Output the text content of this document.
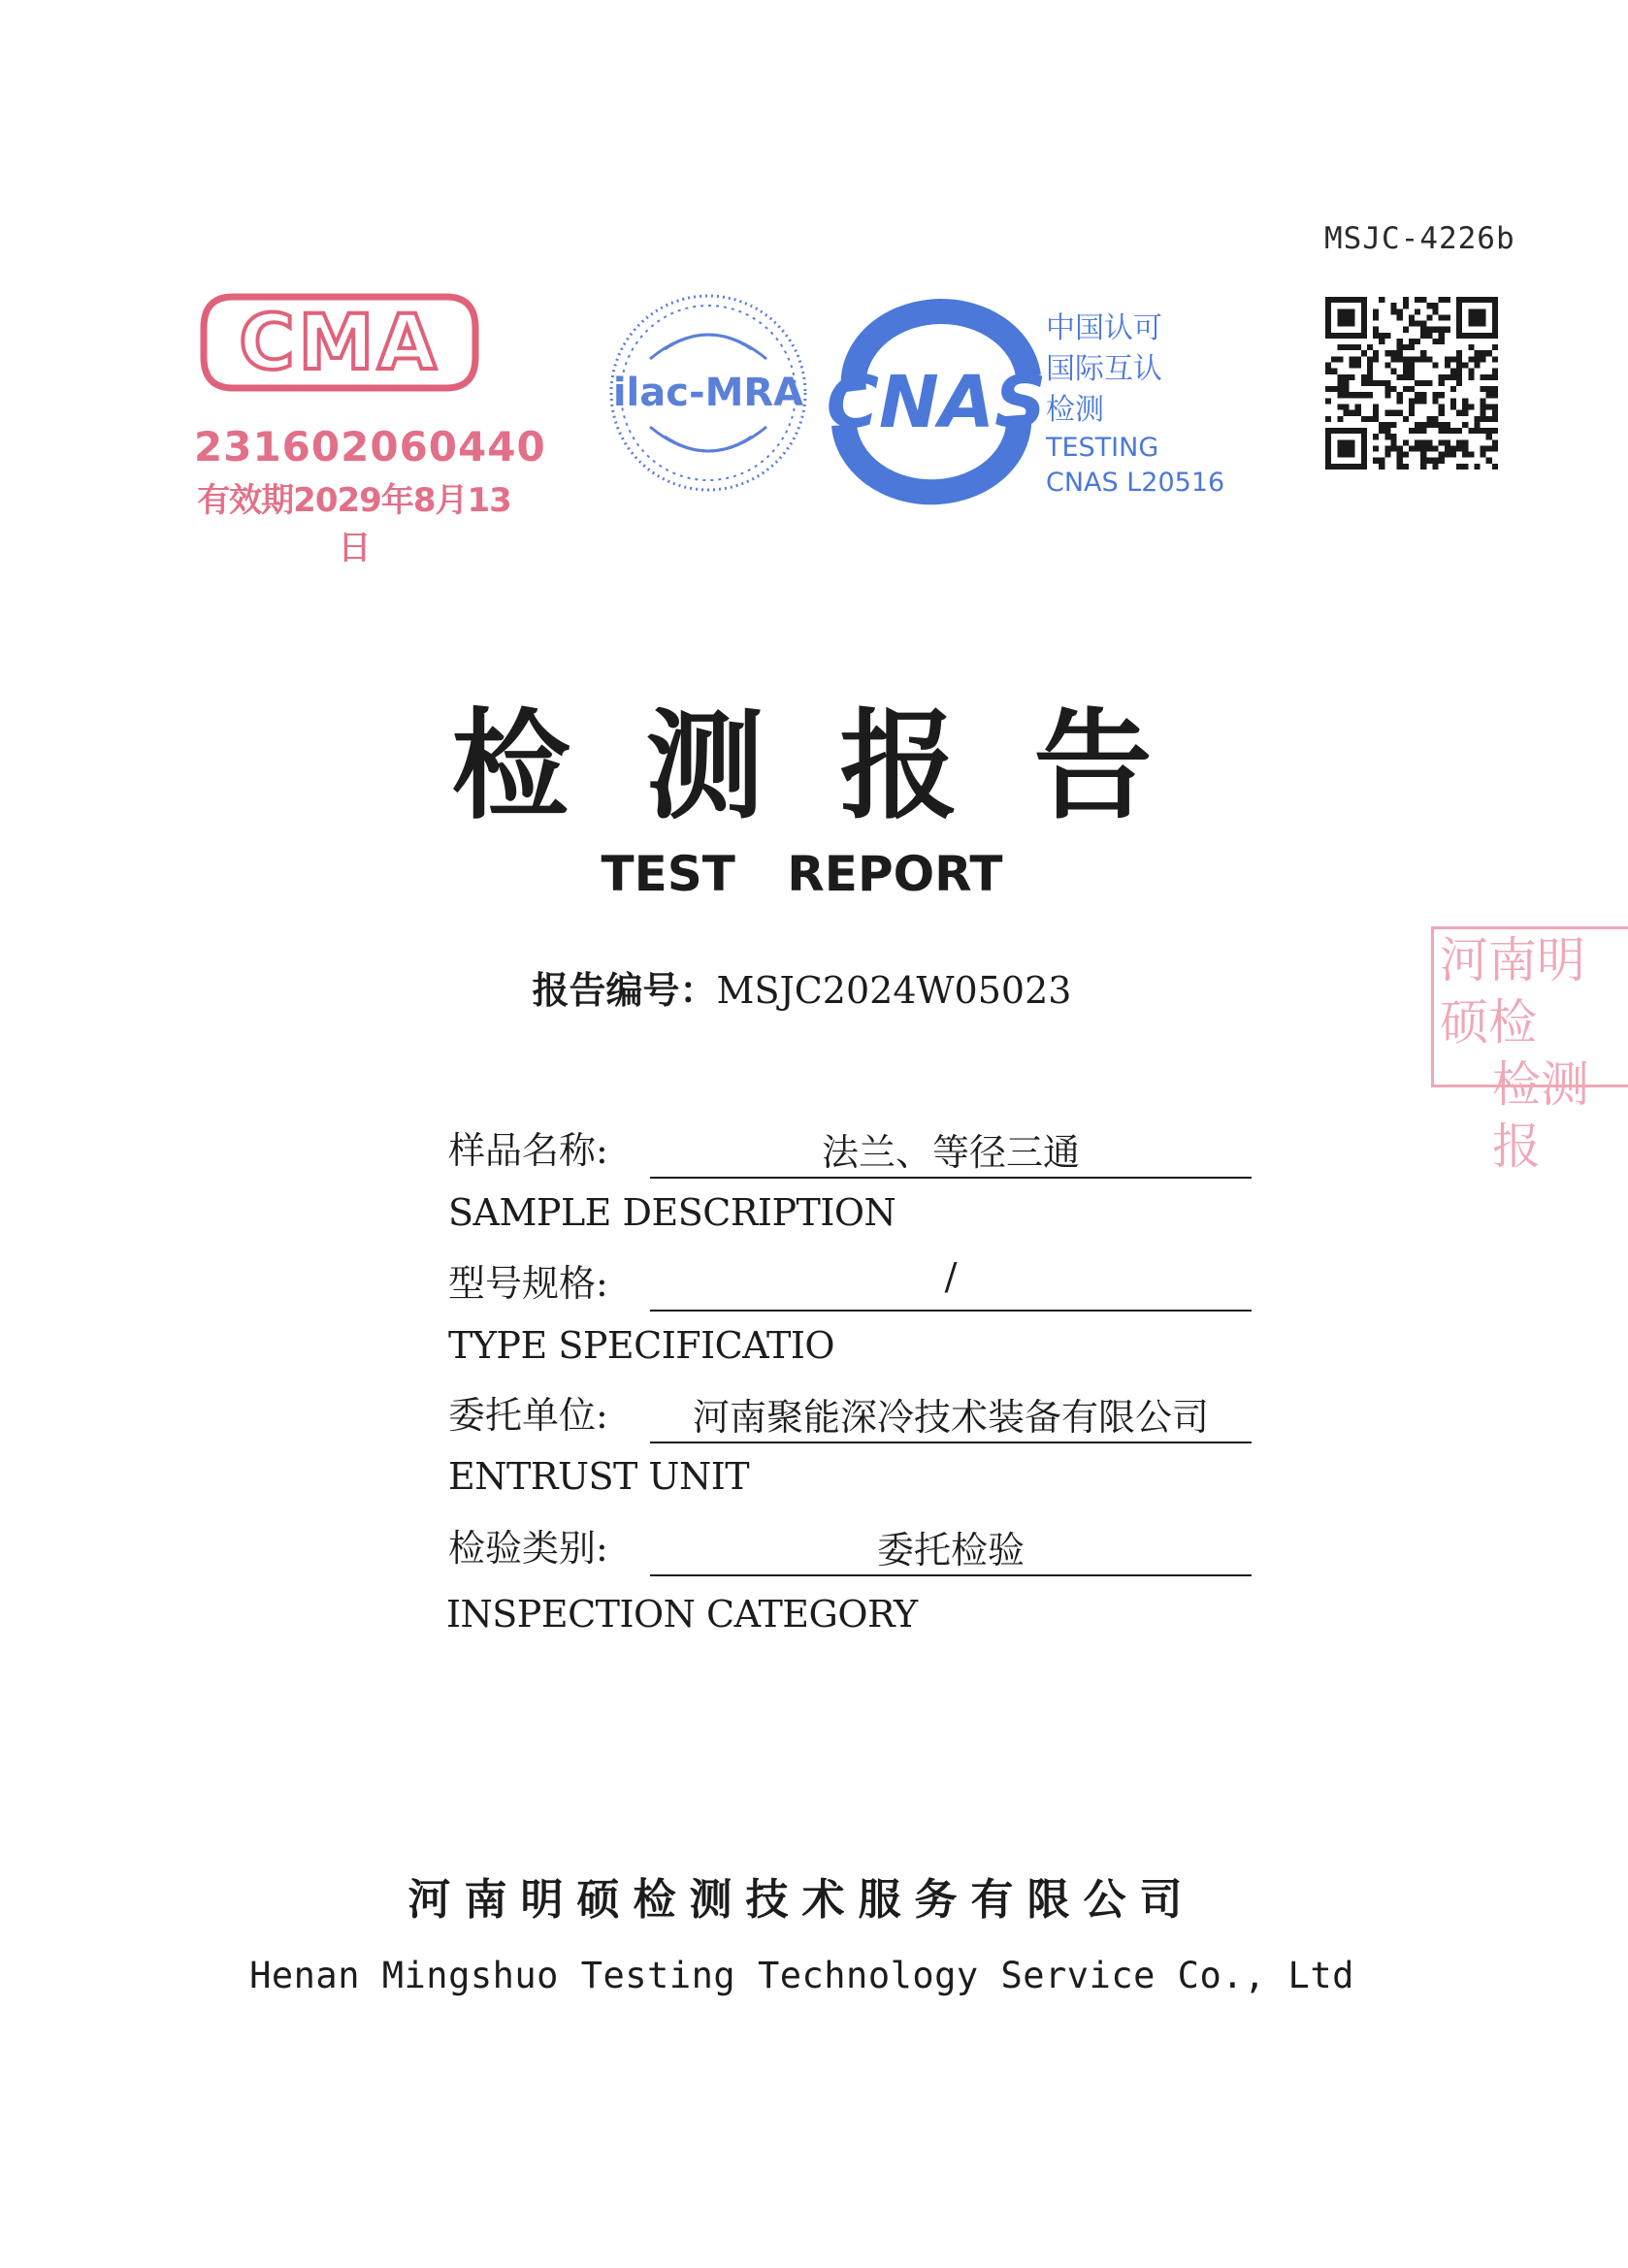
MSJC-4226b
CMA
231602060440
有效期2029年8月13日
ilac-MRA CNAS
中国认可
国际互认
检测
TESTING
CNAS L20516
检测报告
TEST REPORT
报告编号：MSJC2024W05023
河南明硕检
检测报
样品名称:	法兰、等径三通
SAMPLE DESCRIPTION
型号规格:	/
TYPE SPECIFICATIO
委托单位:	河南聚能深冷技术装备有限公司
ENTRUST UNIT
检验类别:	委托检验
INSPECTION CATEGORY
河南明硕检测技术服务有限公司
Henan Mingshuo Testing Technology Service Co., Ltd
